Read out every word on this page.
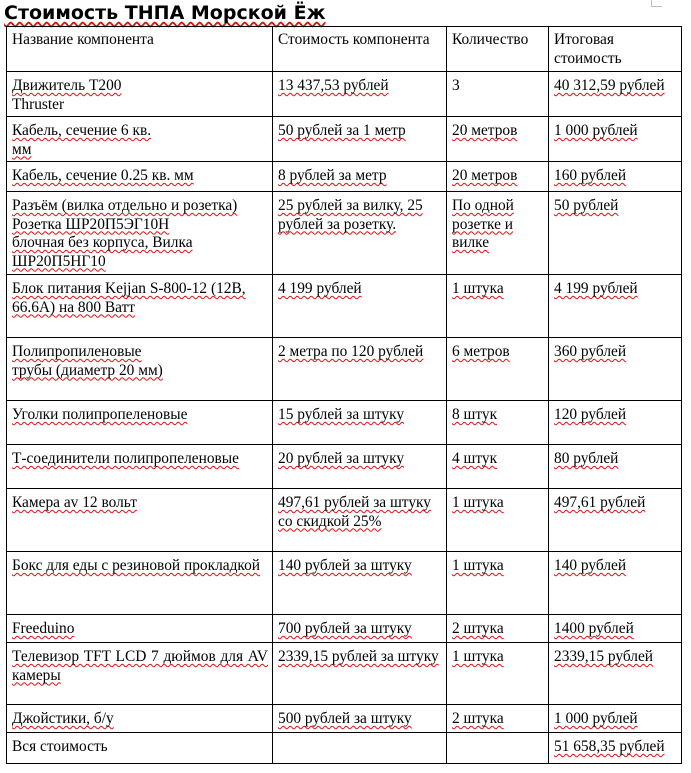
Стоимость ТНПА Морской Ёж
Название компонента	Стоимость компонента	Количество	Итоговая стоимость
Движитель T200
Thruster	13 437,53 рублей	3	40 312,59 рублей
Кабель, сечение 6 кв.
мм	50 рублей за 1 метр	20 метров	1 000 рублей
Кабель, сечение 0.25 кв. мм	8 рублей за метр	20 метров	160 рублей
Разъём (вилка отдельно и розетка) Розетка ШР20П5ЭГ10Н
блочная без корпуса, Вилка ШР20П5НГ10	25 рублей за вилку, 25 рублей за розетку.	По одной розетке и вилке	50 рублей
Блок питания Kejjan S-800-12 (12В, 66.6А) на 800 Ватт	4 199 рублей	1 штука	4 199 рублей
Полипропиленовые
трубы (диаметр 20 мм)	2 метра по 120 рублей	6 метров	360 рублей
Уголки полипропеленовые	15 рублей за штуку	8 штук	120 рублей
Т-соединители полипропеленовые	20 рублей за штуку	4 штук	80 рублей
Камера av 12 вольт	497,61 рублей за штуку со скидкой 25%	1 штука	497,61 рублей
Бокс для еды с резиновой прокладкой	140 рублей за штуку	1 штука	140 рублей
Freeduino	700 рублей за штуку	2 штука	1400 рублей
Телевизор TFT LCD 7 дюймов для AV камеры	2339,15 рублей за штуку	1 штука	2339,15 рублей
Джойстики, б/у	500 рублей за штуку	2 штука	1 000 рублей
Вся стоимость			51 658,35 рублей
